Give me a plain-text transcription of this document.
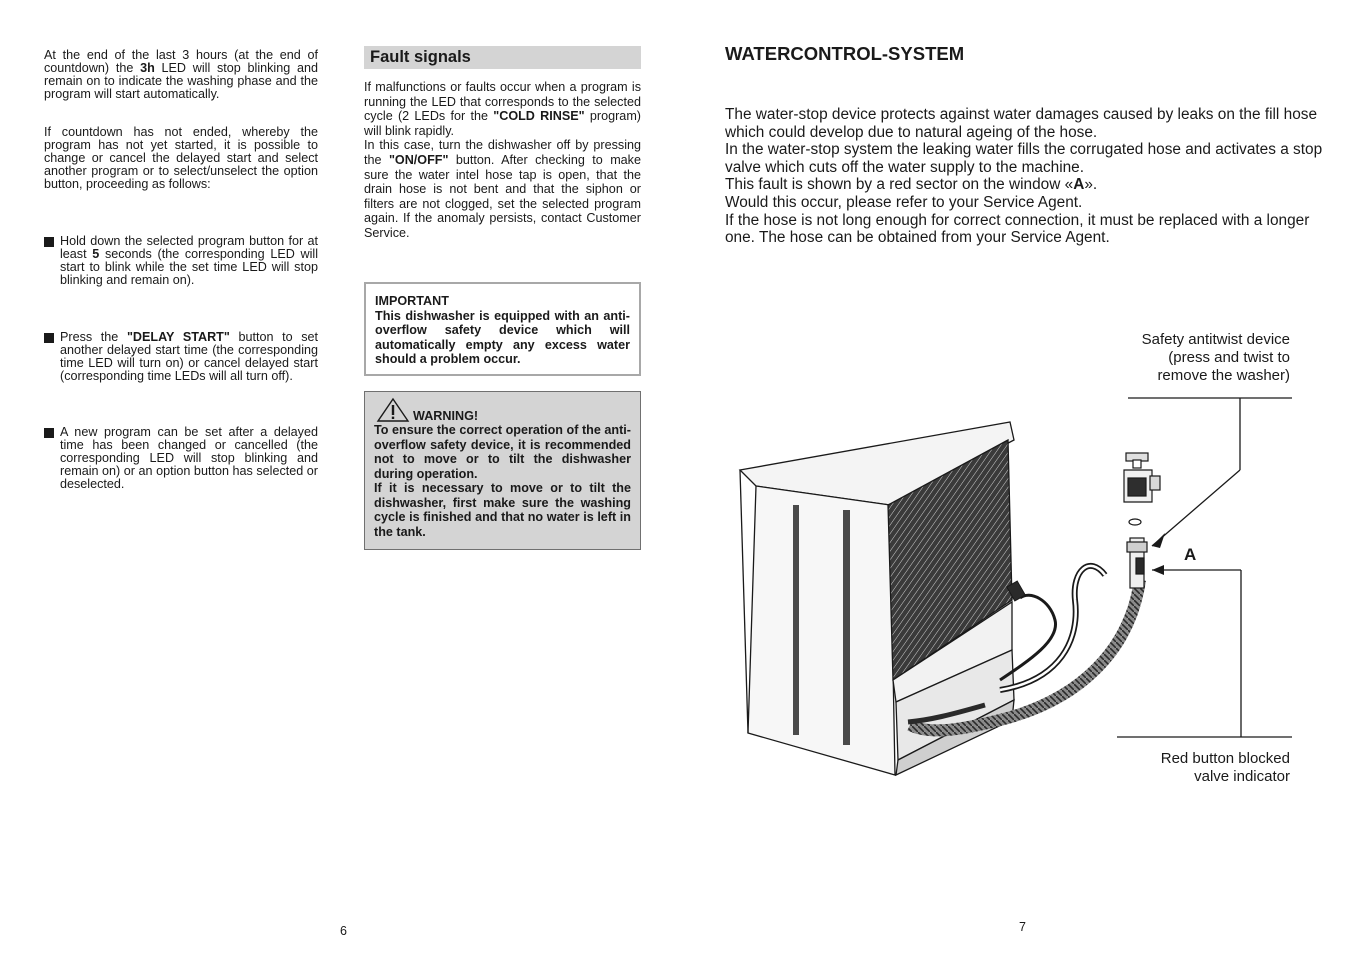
At the end of the last 3 hours (at the end of countdown) the 3h LED will stop blinking and remain on to indicate the washing phase and the program will start automatically.

If countdown has not ended, whereby the program has not yet started, it is possible to change or cancel the delayed start and select another program or to select/unselect the option button, proceeding as follows:

Hold down the selected program button for at least 5 seconds (the corresponding LED will start to blink while the set time LED will stop blinking and remain on).

Press the "DELAY START" button to set another delayed start time (the corresponding time LED will turn on) or cancel delayed start (corresponding time LEDs will all turn off).

A new program can be set after a delayed time has been changed or cancelled (the corresponding LED will stop blinking and remain on) or an option button has selected or deselected.

6
Fault signals

If malfunctions or faults occur when a program is running the LED that corresponds to the selected cycle (2 LEDs for the "COLD RINSE" program) will blink rapidly.

In this case, turn the dishwasher off by pressing the "ON/OFF" button. After checking to make sure the water intel hose tap is open, that the drain hose is not bent and that the siphon or filters are not clogged, set the selected program again. If the anomaly persists, contact Customer Service.

IMPORTANT
This dishwasher is equipped with an anti-overflow safety device which will automatically empty any excess water should a problem occur.
WARNING!
To ensure the correct operation of the anti-overflow safety device, it is recommended not to move or to tilt the dishwasher during operation.
If it is necessary to move or to tilt the dishwasher, first make sure the washing cycle is finished and that no water is left in the tank.
WATERCONTROL-SYSTEM

The water-stop device protects against water damages caused by leaks on the fill hose which could develop due to natural ageing of the hose.

In the water-stop system the leaking water fills the corrugated hose and activates a stop valve which cuts off the water supply to the machine.

This fault is shown by a red sector on the window «A».

Would this occur, please refer to your Service Agent.

If the hose is not long enough for correct connection, it must be replaced with a longer one. The hose can be obtained from your Service Agent.

Safety antitwist device
(press and twist to
remove the washer)
A
Red button blocked
valve indicator
7
